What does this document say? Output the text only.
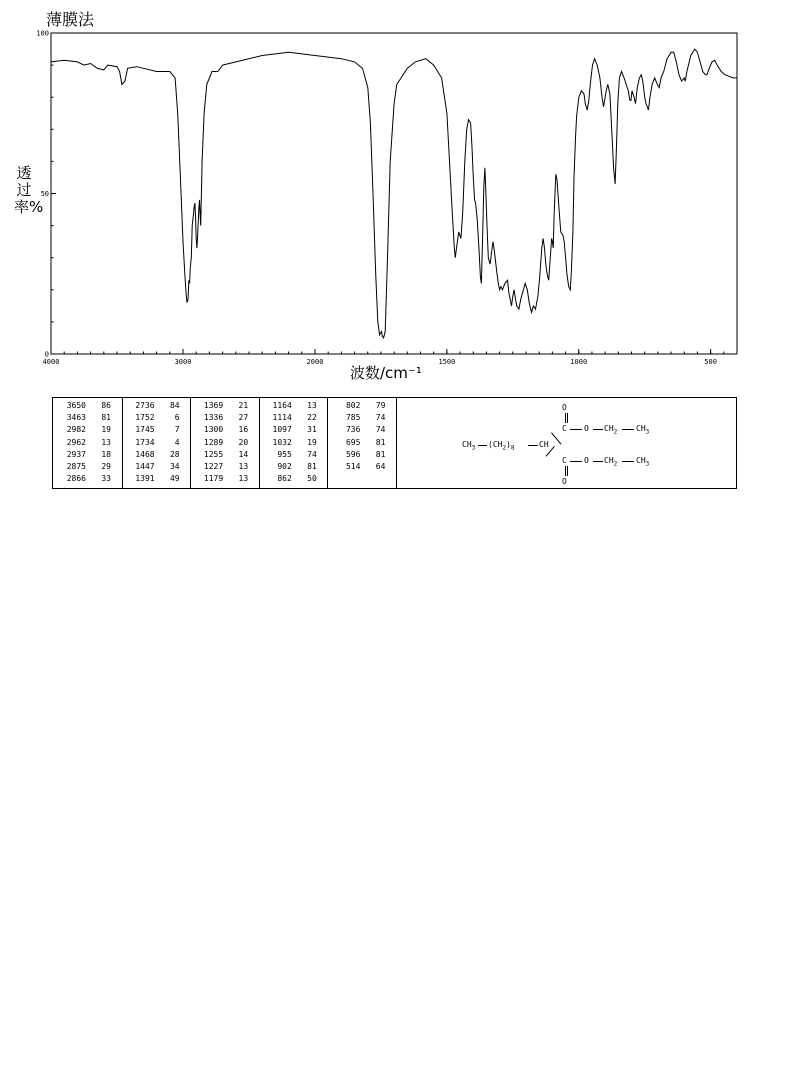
薄膜法
4000	3000	2000	1500	1000	500
100
50
0
透过率%
波数/cm⁻¹
3650	86
3463	81
2982	19
2962	13
2937	18
2875	29
2866	33
2736	84
1752	6
1745	7
1734	4
1468	28
1447	34
1391	49
1369	21
1336	27
1300	16
1289	20
1255	14
1227	13
1179	13
1164	13
1114	22
1097	31
1032	19
955	74
902	81
862	50
802	79
785	74
736	74
695	81
596	81
514	64
O
C O $CH_2$ $CH_3$
$CH_3$ $(CH_2)_8$	CH
C O $CH_2$ $CH_3$
O
